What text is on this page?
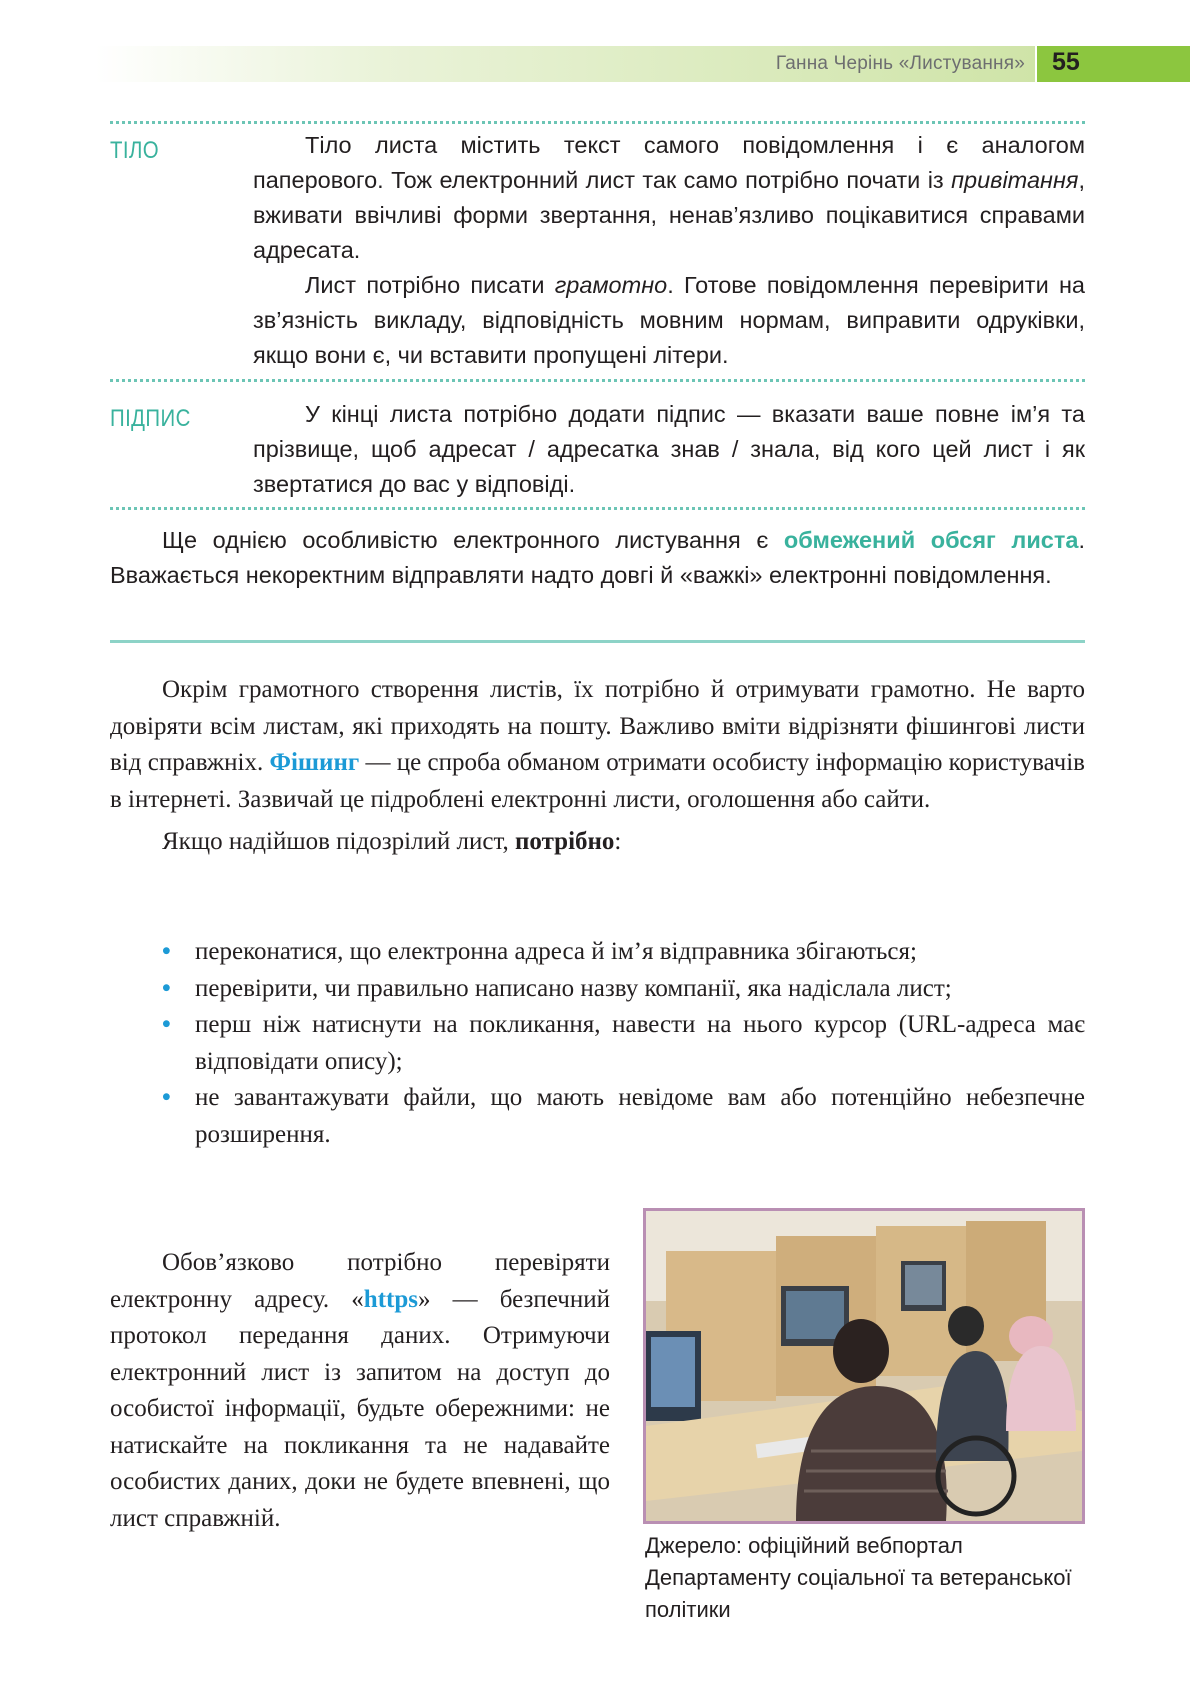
Ганна Черінь «Листування» 55
ТІЛО	Тіло листа містить текст самого повідомлення і є аналогом паперового. Тож електронний лист так само потрібно почати із привітання, вживати ввічливі форми звертання, ненав’язливо поцікавитися справами адресата.

Лист потрібно писати грамотно. Готове повідомлення перевірити на зв’язність викладу, відповідність мовним нормам, виправити одруківки, якщо вони є, чи вставити пропущені літери.

ПІДПИС	У кінці листа потрібно додати підпис — вказати ваше повне ім’я та прізвище, щоб адресат / адресатка знав / знала, від кого цей лист і як звертатися до вас у відповіді.

Ще однією особливістю електронного листування є обмежений обсяг листа. Вважається некоректним відправляти надто довгі й «важкі» електронні повідомлення.

Окрім грамотного створення листів, їх потрібно й отримувати грамотно. Не варто довіряти всім листам, які приходять на пошту. Важливо вміти відрізняти фішингові листи від справжніх. Фішинг — це спроба обманом отримати особисту інформацію користувачів в інтернеті. Зазвичай це підроблені електронні листи, оголошення або сайти.

Якщо надійшов підозрілий лист, потрібно:

• переконатися, що електронна адреса й ім’я відправника збігаються;
• перевірити, чи правильно написано назву компанії, яка надіслала лист;
• перш ніж натиснути на покликання, навести на нього курсор (URL-адреса має відповідати опису);
• не завантажувати файли, що мають невідоме вам або потенційно небезпечне розширення.

Обов’язково потрібно перевіряти електронну адресу. «https» — безпечний протокол передання даних. Отримуючи електронний лист із запитом на доступ до особистої інформації, будьте обережними: не натискайте на покликання та не надавайте особистих даних, доки не будете впевнені, що лист справжній.

Джерело: офіційний вебпортал Департаменту соціальної та ветеранської політики
